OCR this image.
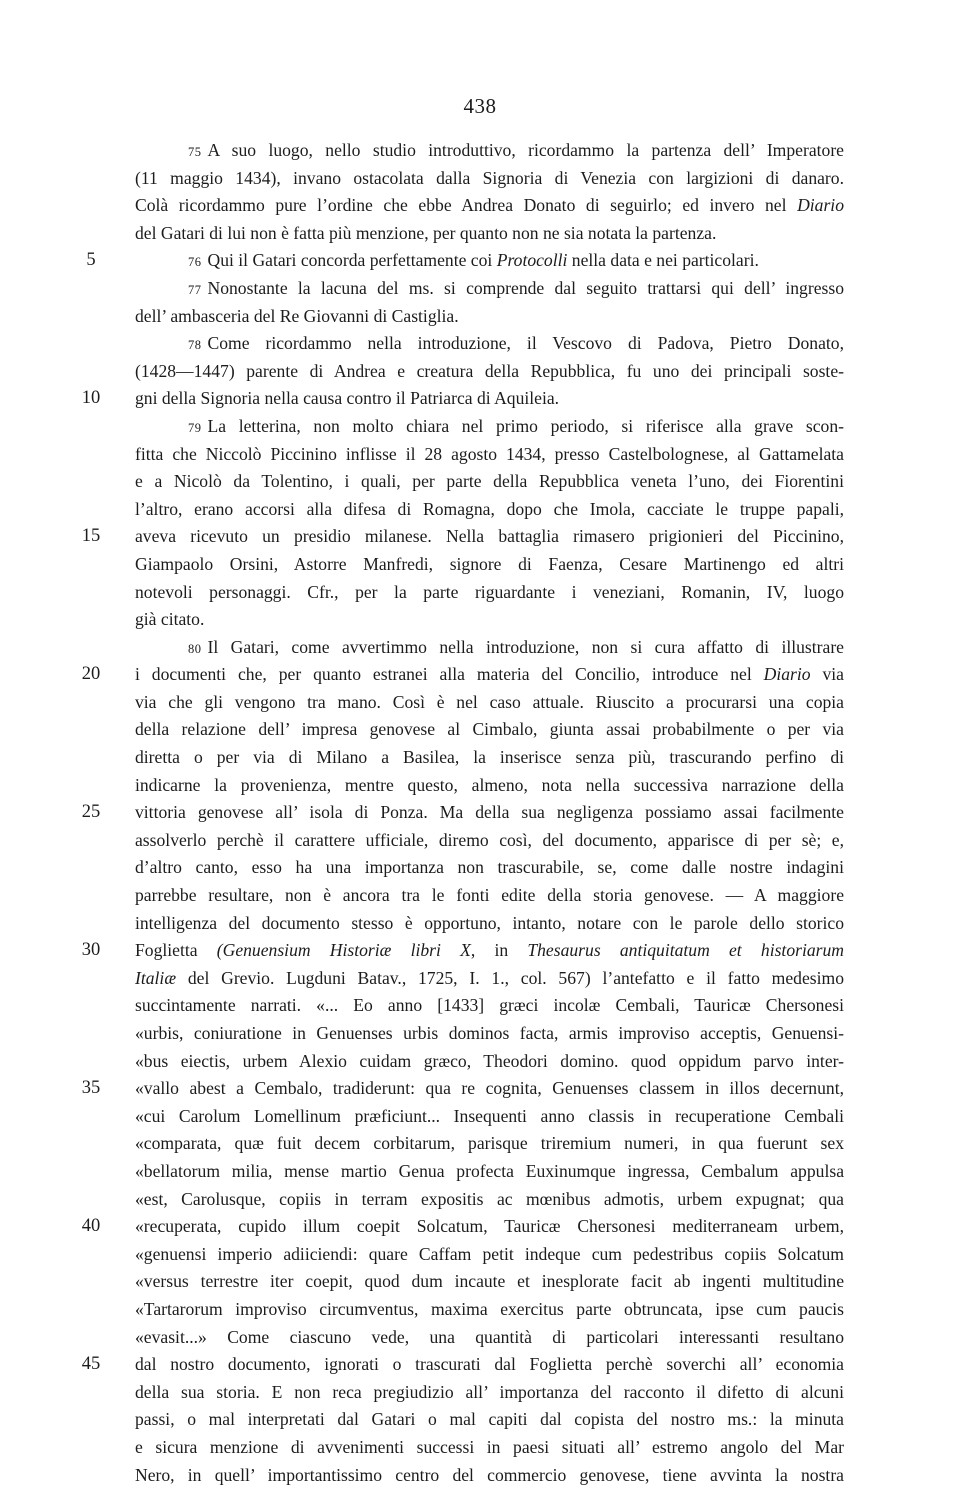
438
75 A suo luogo, nello studio introduttivo, ricordammo la partenza dell’ Imperatore
(11 maggio 1434), invano ostacolata dalla Signoria di Venezia con largizioni di danaro.
Colà ricordammo pure l’ordine che ebbe Andrea Donato di seguirlo; ed invero nel Diario
del Gatari di lui non è fatta più menzione, per quanto non ne sia notata la partenza.
5	76 Qui il Gatari concorda perfettamente coi Protocolli nella data e nei particolari.
77 Nonostante la lacuna del ms. si comprende dal seguito trattarsi qui dell’ ingresso
dell’ ambasceria del Re Giovanni di Castiglia.
78 Come ricordammo nella introduzione, il Vescovo di Padova, Pietro Donato,
(1428—1447) parente di Andrea e creatura della Repubblica, fu uno dei principali soste-
10 gni della Signoria nella causa contro il Patriarca di Aquileia.
79 La letterina, non molto chiara nel primo periodo, si riferisce alla grave scon-
fitta che Niccolò Piccinino inflisse il 28 agosto 1434, presso Castelbolognese, al Gattamelata
e a Nicolò da Tolentino, i quali, per parte della Repubblica veneta l’uno, dei Fiorentini
l’altro, erano accorsi alla difesa di Romagna, dopo che Imola, cacciate le truppe papali,
15 aveva ricevuto un presidio milanese. Nella battaglia rimasero prigionieri del Piccinino,
Giampaolo Orsini, Astorre Manfredi, signore di Faenza, Cesare Martinengo ed altri
notevoli personaggi. Cfr., per la parte riguardante i veneziani, Romanin, IV, luogo
già citato.
80 Il Gatari, come avvertimmo nella introduzione, non si cura affatto di illustrare
20 i documenti che, per quanto estranei alla materia del Concilio, introduce nel Diario via
via che gli vengono tra mano. Così è nel caso attuale. Riuscito a procurarsi una copia
della relazione dell’ impresa genovese al Cimbalo, giunta assai probabilmente o per via
diretta o per via di Milano a Basilea, la inserisce senza più, trascurando perfino di
indicarne la provenienza, mentre questo, almeno, nota nella successiva narrazione della
25 vittoria genovese all’ isola di Ponza. Ma della sua negligenza possiamo assai facilmente
assolverlo perchè il carattere ufficiale, diremo così, del documento, apparisce di per sè; e,
d’altro canto, esso ha una importanza non trascurabile, se, come dalle nostre indagini
parrebbe resultare, non è ancora tra le fonti edite della storia genovese. — A maggiore
intelligenza del documento stesso è opportuno, intanto, notare con le parole dello storico
30 Foglietta (Genuensium Historiæ libri X, in Thesaurus antiquitatum et historiarum
Italiæ del Grevio. Lugduni Batav., 1725, I. 1., col. 567) l’antefatto e il fatto medesimo
succintamente narrati. «... Eo anno [1433] græci incolæ Cembali, Tauricæ Chersonesi
«urbis, coniuratione in Genuenses urbis dominos facta, armis improviso acceptis, Genuensi-
«bus eiectis, urbem Alexio cuidam græco, Theodori domino. quod oppidum parvo inter-
35 «vallo abest a Cembalo, tradiderunt: qua re cognita, Genuenses classem in illos decernunt,
«cui Carolum Lomellinum præficiunt... Insequenti anno classis in recuperatione Cembali
«comparata, quæ fuit decem corbitarum, parisque triremium numeri, in qua fuerunt sex
«bellatorum milia, mense martio Genua profecta Euxinumque ingressa, Cembalum appulsa
«est, Carolusque, copiis in terram expositis ac mœnibus admotis, urbem expugnat; qua
40 «recuperata, cupido illum coepit Solcatum, Tauricæ Chersonesi mediterraneam urbem,
«genuensi imperio adiiciendi: quare Caffam petit indeque cum pedestribus copiis Solcatum
«versus terrestre iter coepit, quod dum incaute et inesplorate facit ab ingenti multitudine
«Tartarorum improviso circumventus, maxima exercitus parte obtruncata, ipse cum paucis
«evasit...» Come ciascuno vede, una quantità di particolari interessanti resultano
45 dal nostro documento, ignorati o trascurati dal Foglietta perchè soverchi all’ economia
della sua storia. E non reca pregiudizio all’ importanza del racconto il difetto di alcuni
passi, o mal interpretati dal Gatari o mal capiti dal copista del nostro ms.: la minuta
e sicura menzione di avvenimenti successi in paesi situati all’ estremo angolo del Mar
Nero, in quell’ importantissimo centro del commercio genovese, tiene avvinta la nostra
